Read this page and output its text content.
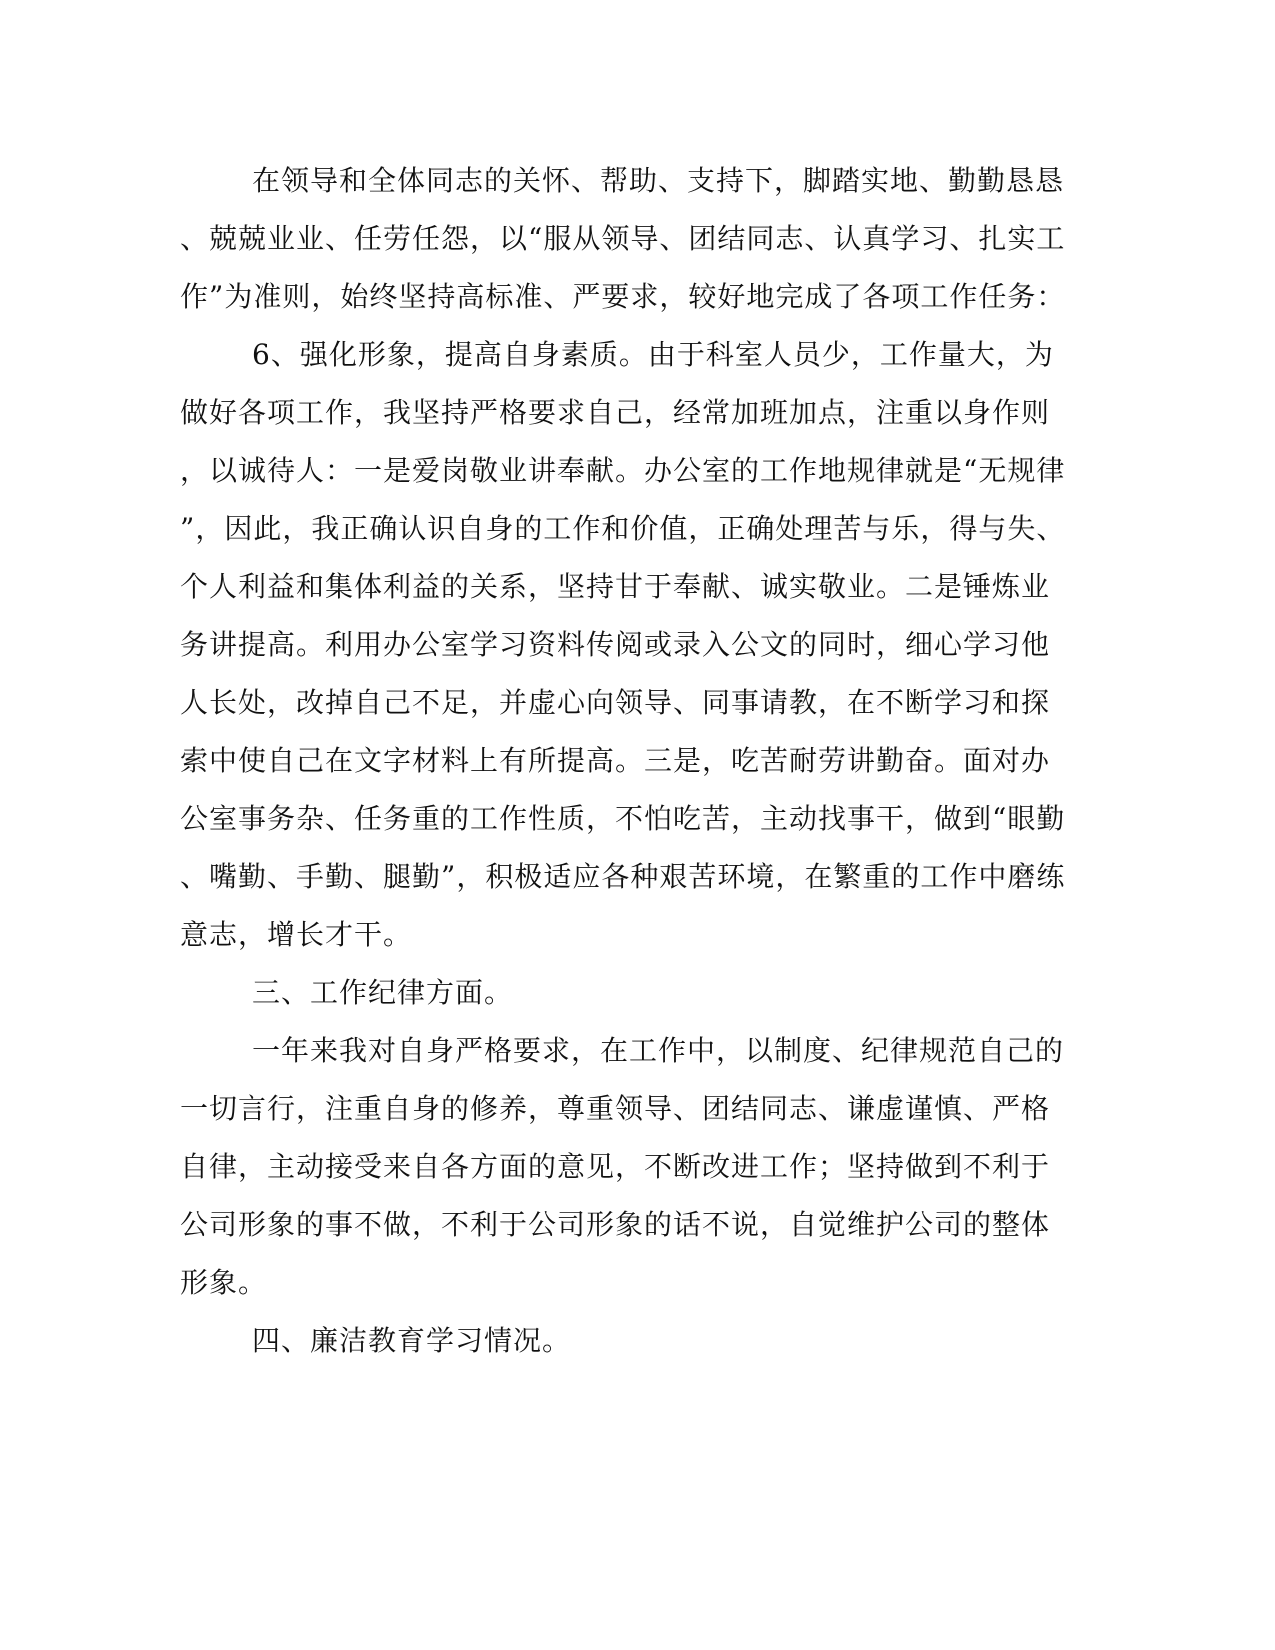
在领导和全体同志的关怀、帮助、支持下，脚踏实地、勤勤恳恳
、兢兢业业、任劳任怨，以“服从领导、团结同志、认真学习、扎实工
作”为准则，始终坚持高标准、严要求，较好地完成了各项工作任务：
6、强化形象，提高自身素质。由于科室人员少，工作量大，为
做好各项工作，我坚持严格要求自己，经常加班加点，注重以身作则
，以诚待人：一是爱岗敬业讲奉献。办公室的工作地规律就是“无规律
”，因此，我正确认识自身的工作和价值，正确处理苦与乐，得与失、
个人利益和集体利益的关系，坚持甘于奉献、诚实敬业。二是锤炼业
务讲提高。利用办公室学习资料传阅或录入公文的同时，细心学习他
人长处，改掉自己不足，并虚心向领导、同事请教，在不断学习和探
索中使自己在文字材料上有所提高。三是，吃苦耐劳讲勤奋。面对办
公室事务杂、任务重的工作性质，不怕吃苦，主动找事干，做到“眼勤
、嘴勤、手勤、腿勤”，积极适应各种艰苦环境，在繁重的工作中磨练
意志，增长才干。
三、工作纪律方面。
一年来我对自身严格要求，在工作中，以制度、纪律规范自己的
一切言行，注重自身的修养，尊重领导、团结同志、谦虚谨慎、严格
自律，主动接受来自各方面的意见，不断改进工作；坚持做到不利于
公司形象的事不做，不利于公司形象的话不说，自觉维护公司的整体
形象。
四、廉洁教育学习情况。
